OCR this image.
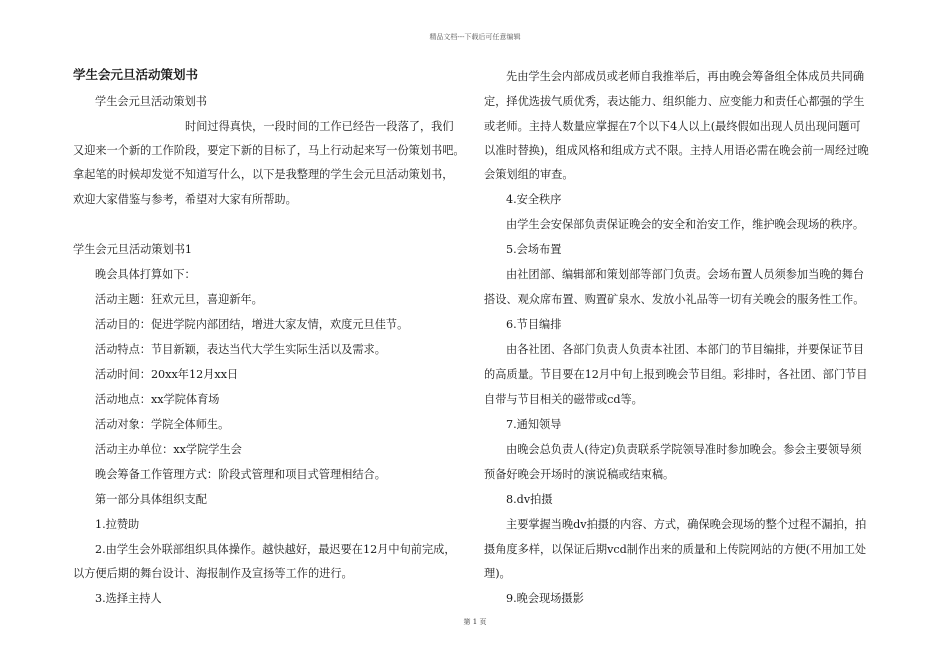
精品文档---下载后可任意编辑
学生会元旦活动策划书
学生会元旦活动策划书
时间过得真快，一段时间的工作已经告一段落了，我们
又迎来一个新的工作阶段，要定下新的目标了，马上行动起来写一份策划书吧。
拿起笔的时候却发觉不知道写什么，以下是我整理的学生会元旦活动策划书，
欢迎大家借鉴与参考，希望对大家有所帮助。
学生会元旦活动策划书1
晚会具体打算如下：
活动主题：狂欢元旦，喜迎新年。
活动目的：促进学院内部团结，增进大家友情，欢度元旦佳节。
活动特点：节目新颖，表达当代大学生实际生活以及需求。
活动时间：20xx年12月xx日
活动地点：xx学院体育场
活动对象：学院全体师生。
活动主办单位：xx学院学生会
晚会筹备工作管理方式：阶段式管理和项目式管理相结合。
第一部分具体组织支配
1.拉赞助
2.由学生会外联部组织具体操作。越快越好，最迟要在12月中旬前完成，
以方便后期的舞台设计、海报制作及宣扬等工作的进行。
3.选择主持人
先由学生会内部成员或老师自我推举后，再由晚会筹备组全体成员共同确
定，择优选拔气质优秀，表达能力、组织能力、应变能力和责任心都强的学生
或老师。主持人数量应掌握在7个以下4人以上(最终假如出现人员出现问题可
以准时替换)，组成风格和组成方式不限。主持人用语必需在晚会前一周经过晚
会策划组的审查。
4.安全秩序
由学生会安保部负责保证晚会的安全和治安工作，维护晚会现场的秩序。
5.会场布置
由社团部、编辑部和策划部等部门负责。会场布置人员须参加当晚的舞台
搭设、观众席布置、购置矿泉水、发放小礼品等一切有关晚会的服务性工作。
6.节目编排
由各社团、各部门负责人负责本社团、本部门的节目编排，并要保证节目
的高质量。节目要在12月中旬上报到晚会节目组。彩排时，各社团、部门节目
自带与节目相关的磁带或cd等。
7.通知领导
由晚会总负责人(待定)负责联系学院领导准时参加晚会。参会主要领导须
预备好晚会开场时的演说稿或结束稿。
8.dv拍摄
主要掌握当晚dv拍摄的内容、方式，确保晚会现场的整个过程不漏拍，拍
摄角度多样，以保证后期vcd制作出来的质量和上传院网站的方便(不用加工处
理)。
9.晚会现场摄影
第 1 页
